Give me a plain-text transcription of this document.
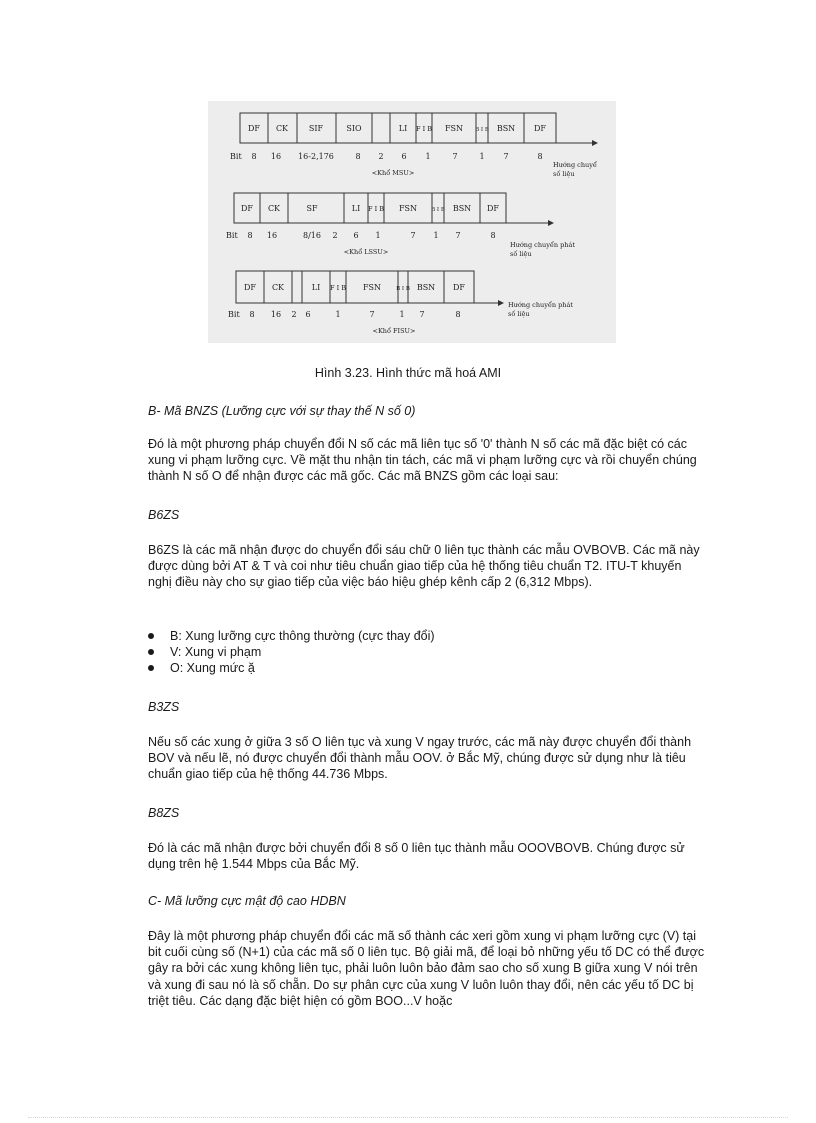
DF CK	SIF	SIO	LI F I B FSN B I B BSN DF
Bit 8 16 16-2,176	8 2 6 1	7	1 7	8
Hướng chuyể
số liệu
<Khổ MSU>
DF CK	SF	LI F I B FSN	B I B BSN DF
Bit 8 16	8/16 2 6 1	7 1 7	8
Hướng chuyển phát
số liệu
<Khổ LSSU>
DF CK	LI F I B FSN	B I B BSN DF
Bit 8 16 2 6	1	7	1 7	8
Hướng chuyển phát
số liệu
<Khổ FISU>
Hình 3.23. Hình thức mã hoá AMI
B- Mã BNZS (Lưỡng cực với sự thay thế N số 0)
Đó là một phương pháp chuyển đổi N số các mã liên tục số '0' thành N số các mã đặc biệt có các xung vi phạm lưỡng cực. Về mặt thu nhận tin tách, các mã vi phạm lưỡng cực và rồi chuyển chúng thành N số O để nhận được các mã gốc. Các mã BNZS gồm các loại sau:
B6ZS
B6ZS là các mã nhận được do chuyển đổi sáu chữ 0 liên tục thành các mẫu OVBOVB. Các mã này được dùng bởi AT & T và coi như tiêu chuẩn giao tiếp của hệ thống tiêu chuẩn T2. ITU-T khuyến nghị điều này cho sự giao tiếp của việc báo hiệu ghép kênh cấp 2 (6,312 Mbps).
B: Xung lưỡng cực thông thường (cực thay đổi)
V: Xung vi phạm
O: Xung mức ặ
B3ZS
Nếu số các xung ở giữa 3 số O liên tục và xung V ngay trước, các mã này được chuyển đổi thành BOV và nếu lẽ, nó được chuyển đổi thành mẫu OOV. ở Bắc Mỹ, chúng được sử dụng như là tiêu chuẩn giao tiếp của hệ thống 44.736 Mbps.
B8ZS
Đó là các mã nhận được bởi chuyển đổi 8 số 0 liên tục thành mẫu OOOVBOVB. Chúng được sử dụng trên hệ 1.544 Mbps của Bắc Mỹ.
C- Mã lưỡng cực mật độ cao HDBN
Đây là một phương pháp chuyển đổi các mã số thành các xeri gồm xung vi phạm lưỡng cực (V) tại bit cuối cùng số (N+1) của các mã số 0 liên tục. Bộ giải mã, để loại bỏ những yếu tố DC có thể được gây ra bởi các xung không liên tục, phải luôn luôn bảo đảm sao cho số xung B giữa xung V nói trên và xung đi sau nó là số chẵn. Do sự phân cực của xung V luôn luôn thay đổi, nên các yếu tố DC bị triệt tiêu. Các dạng đặc biệt hiện có gồm BOO...V hoặc
